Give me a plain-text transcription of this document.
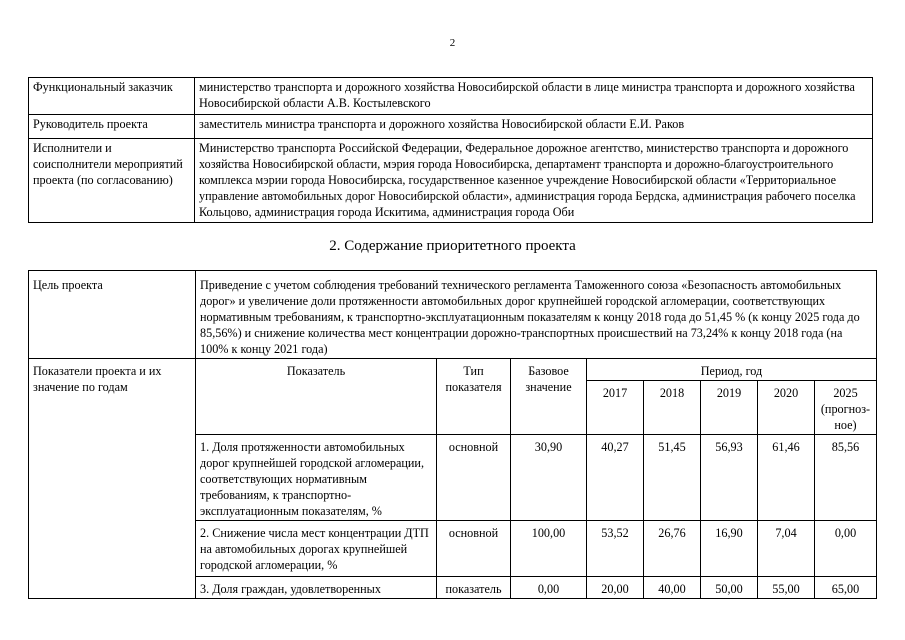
2
Функциональный заказчик	министерство транспорта и дорожного хозяйства Новосибирской области в лице министра транспорта и дорожного хозяйства Новосибирской области А.В. Костылевского
Руководитель проекта	заместитель министра транспорта и дорожного хозяйства Новосибирской области Е.И. Раков
Исполнители и соисполнители мероприятий проекта (по согласованию)	Министерство транспорта Российской Федерации, Федеральное дорожное агентство, министерство транспорта и дорожного хозяйства Новосибирской области, мэрия города Новосибирска, департамент транспорта и дорожно-благоустроительного комплекса мэрии города Новосибирска, государственное казенное учреждение Новосибирской области «Территориальное управление автомобильных дорог Новосибирской области», администрация города Бердска, администрация рабочего поселка Кольцово, администрация города Искитима, администрация города Оби
2. Содержание приоритетного проекта
Цель проекта	Приведение с учетом соблюдения требований технического регламента Таможенного союза «Безопасность автомобильных дорог» и увеличение доли протяженности автомобильных дорог крупнейшей городской агломерации, соответствующих нормативным требованиям, к транспортно-эксплуатационным показателям к концу 2018 года до 51,45 % (к концу 2025 года до 85,56%) и снижение количества мест концентрации дорожно-транспортных происшествий на 73,24% к концу 2018 года (на 100% к концу 2021 года)							
Показатели проекта и их значение по годам	Показатель	Тип показателя	Базовое значение	Период, год				
				2017	2018	2019	2020	2025 (прогноз-ное)
	1. Доля протяженности автомобильных дорог крупнейшей городской агломерации, соответствующих нормативным требованиям, к транспортно-эксплуатационным показателям, %	основной	30,90	40,27	51,45	56,93	61,46	85,56
	2. Снижение числа мест концентрации ДТП на автомобильных дорогах крупнейшей городской агломерации, %	основной	100,00	53,52	26,76	16,90	7,04	0,00
	3. Доля граждан, удовлетворенных	показатель	0,00	20,00	40,00	50,00	55,00	65,00
